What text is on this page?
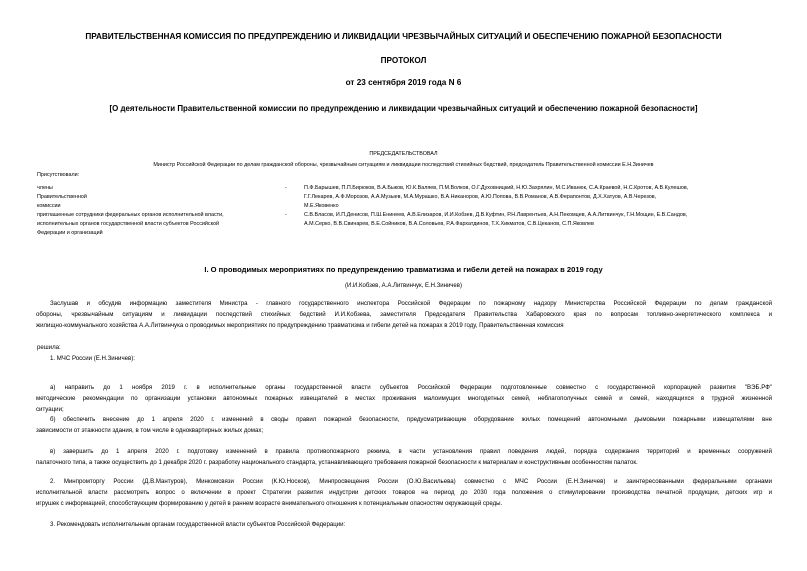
ПРАВИТЕЛЬСТВЕННАЯ КОМИССИЯ ПО ПРЕДУПРЕЖДЕНИЮ И ЛИКВИДАЦИИ ЧРЕЗВЫЧАЙНЫХ СИТУАЦИЙ И ОБЕСПЕЧЕНИЮ ПОЖАРНОЙ БЕЗОПАСНОСТИ
ПРОТОКОЛ
от 23 сентября 2019 года N 6
[О деятельности Правительственной комиссии по предупреждению и ликвидации чрезвычайных ситуаций и обеспечению пожарной безопасности]
ПРЕДСЕДАТЕЛЬСТВОВАЛ
Министр Российской Федерации по делам гражданской обороны, чрезвычайным ситуациям и ликвидации последствий стихийных бедствий, председатель Правительственной комиссии Е.Н.Зиничев
Присутствовали:
члены
Правительственной
комиссии
-	П.Ф.Барышев, П.П.Бирюков, В.А.Быков, Ю.К.Валяев, П.М.Волков, О.Г.Духовницкий, Н.Ю.Захрялин, М.С.Иванюк, С.А.Краевой, Н.С.Кротов, А.В.Кулешов,
Г.Г.Лекарев, А.Ф.Морозов, А.А.Музыев, М.А.Мурашко, В.А.Никаноров, А.Ю.Попова, В.В.Романов, А.В.Ферапонтов, Д.Х.Хатуов, А.В.Черезов,
М.Е.Яковенко
приглашенные сотрудники федеральных органов исполнительной власти,
исполнительных органов государственной власти субъектов Российской
Федерации и организаций
-	С.В.Власов, И.П.Денисов, П.Ш.Енинеев, А.В.Елизаров, И.И.Кобзев, Д.В.Куфтин, Р.Н.Лаврентьев, А.Н.Пекомцев, А.А.Литвинчук, Г.Н.Мощин, Е.В.Сандов,
А.М.Серко, В.В.Свинарев, В.Е.Сойников, В.А.Соловьев, Р.А.Фархатдинов, Т.Х.Хикматов, С.В.Цеканов, С.П.Яковлев
I. О проводимых мероприятиях по предупреждению травматизма и гибели детей на пожарах в 2019 году
(И.И.Кобзев, А.А.Литвинчук, Е.Н.Зиничев)
Заслушав и обсудив информацию заместителя Министра - главного государственного инспектора Российской Федерации по пожарному надзору Министерства Российской Федерации по делам гражданской
обороны, чрезвычайным ситуациям и ликвидации последствий стихийных бедствий И.И.Кобзева, заместителя Председателя Правительства Хабаровского края по вопросам топливно-энергетического комплекса и
жилищно-коммунального хозяйства А.А.Литвинчука о проводимых мероприятиях по предупреждению травматизма и гибели детей на пожарах в 2019 году, Правительственная комиссия
решила:
1. МЧС России (Е.Н.Зиничев):
а) направить до 1 ноября 2019 г. в исполнительные органы государственной власти субъектов Российской Федерации подготовленные совместно с государственной корпорацией развития "ВЭБ.РФ"
методические рекомендации по организации установки автономных пожарных извещателей в местах проживания малоимущих многодетных семей, неблагополучных семей и семей, находящихся в трудной жизненной
ситуации;
б) обеспечить внесение до 1 апреля 2020 г. изменений в своды правил пожарной безопасности, предусматривающие оборудование жилых помещений автономными дымовыми пожарными извещателями вне
зависимости от этажности здания, в том числе в одноквартирных жилых домах;
в) завершить до 1 апреля 2020 г. подготовку изменений в правила противопожарного режима, в части установления правил поведения людей, порядка содержания территорий и временных сооружений
палаточного типа, а также осуществить до 1 декабря 2020 г. разработку национального стандарта, устанавливающего требования пожарной безопасности к материалам и конструктивным особенностям палаток.
2. Минпромторгу России (Д.В.Мантуров), Минкомсвязи России (К.Ю.Носков), Минпросвещения России (О.Ю.Васильева) совместно с МЧС России (Е.Н.Зиничев) и заинтересованными федеральными органами
исполнительной власти рассмотреть вопрос о включении в проект Стратегии развития индустрии детских товаров на период до 2030 года положения о стимулировании производства печатной продукции, детских игр и
игрушек с информацией, способствующим формированию у детей в раннем возрасте внимательного отношения к потенциальным опасностям окружающей среды.
3. Рекомендовать исполнительным органам государственной власти субъектов Российской Федерации:
